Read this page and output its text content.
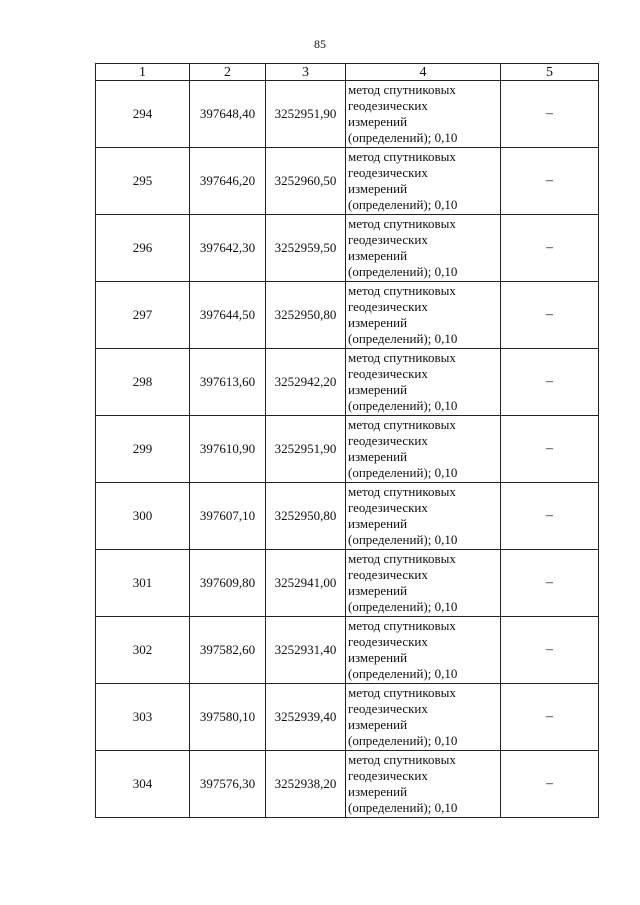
85
1	2	3	4	5
294	397648,40	3252951,90	метод спутниковых
геодезических
измерений
(определений); 0,10	–
295	397646,20	3252960,50	метод спутниковых
геодезических
измерений
(определений); 0,10	–
296	397642,30	3252959,50	метод спутниковых
геодезических
измерений
(определений); 0,10	–
297	397644,50	3252950,80	метод спутниковых
геодезических
измерений
(определений); 0,10	–
298	397613,60	3252942,20	метод спутниковых
геодезических
измерений
(определений); 0,10	–
299	397610,90	3252951,90	метод спутниковых
геодезических
измерений
(определений); 0,10	–
300	397607,10	3252950,80	метод спутниковых
геодезических
измерений
(определений); 0,10	–
301	397609,80	3252941,00	метод спутниковых
геодезических
измерений
(определений); 0,10	–
302	397582,60	3252931,40	метод спутниковых
геодезических
измерений
(определений); 0,10	–
303	397580,10	3252939,40	метод спутниковых
геодезических
измерений
(определений); 0,10	–
304	397576,30	3252938,20	метод спутниковых
геодезических
измерений
(определений); 0,10	–
